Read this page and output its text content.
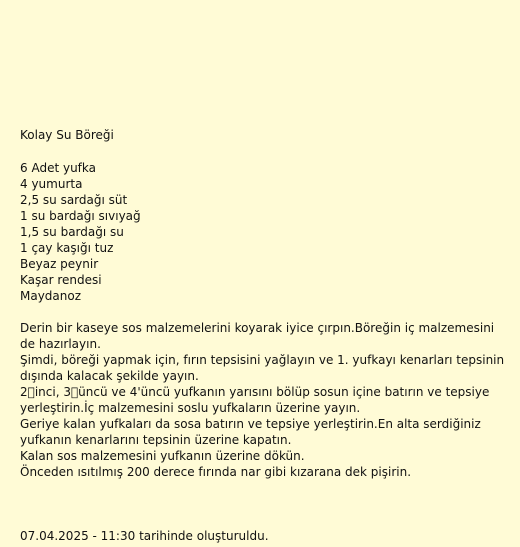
Kolay Su Böreği
6 Adet yufka
4 yumurta
2,5 su sardağı süt
1 su bardağı sıvıyağ
1,5 su bardağı su
1 çay kaşığı tuz
Beyaz peynir
Kaşar rendesi
Maydanoz

Derin bir kaseye sos malzemelerini koyarak iyice çırpın.Böreğin iç malzemesini de hazırlayın.

Şimdi, böreği yapmak için, fırın tepsisini yağlayın ve 1. yufkayı kenarları tepsinin dışında kalacak şekilde yayın.

2 inci, 3 üncü ve 4'üncü yufkanın yarısını bölüp sosun içine batırın ve tepsiye yerleştirin.İç malzemesini soslu yufkaların üzerine yayın.

Geriye kalan yufkaları da sosa batırın ve tepsiye yerleştirin.En alta serdiğiniz yufkanın kenarlarını tepsinin üzerine kapatın.

Kalan sos malzemesini yufkanın üzerine dökün.

Önceden ısıtılmış 200 derece fırında nar gibi kızarana dek pişirin.

07.04.2025 - 11:30 tarihinde oluşturuldu.
